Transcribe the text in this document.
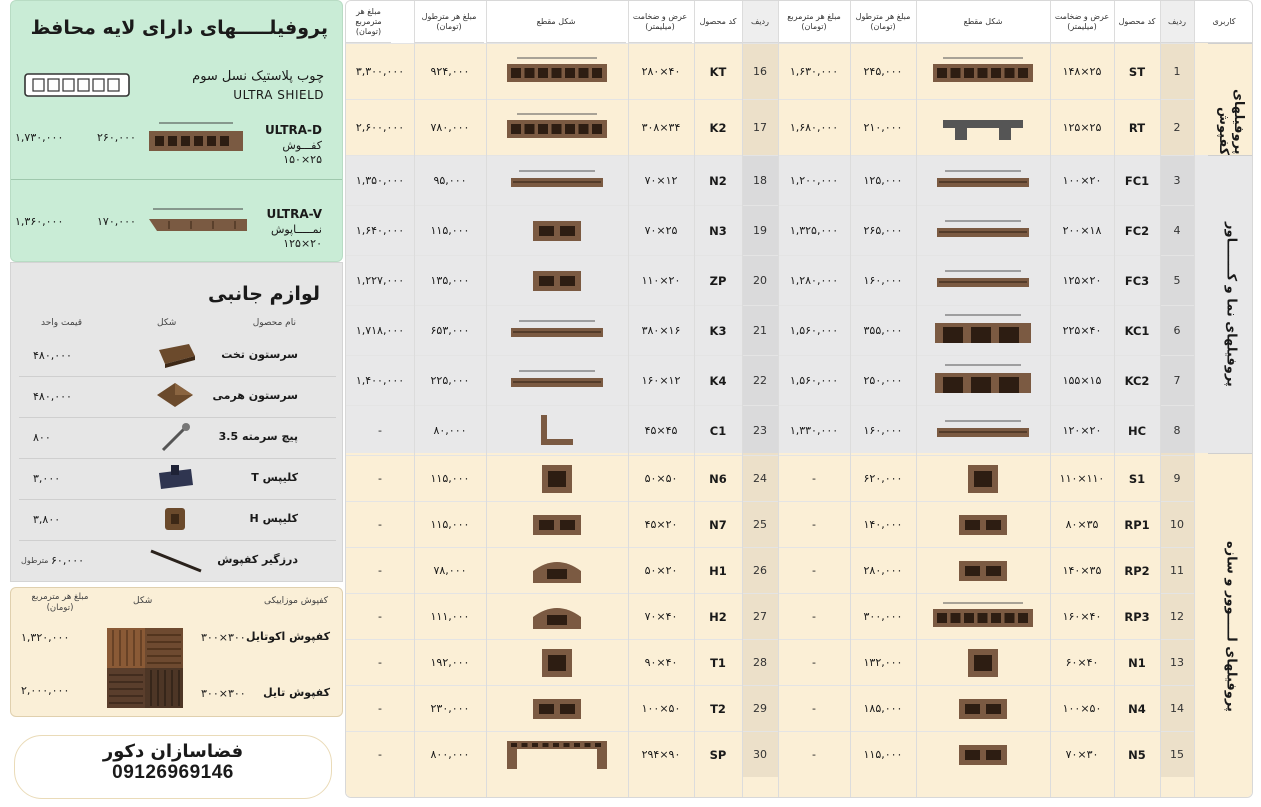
مبلغ هر مترمربع (تومان)
مبلغ هر مترطول (تومان)
شکل مقطع
عرض و ضخامت (میلیمتر)
کد محصول	ردیف
مبلغ هر مترمربع (تومان)
مبلغ هر مترطول (تومان)
شکل مقطع
عرض و ضخامت (میلیمتر)
کد محصول	ردیف	کاربری
۱,۶۳۰,۰۰۰	۲۴۵,۰۰۰	۱۴۸×۲۵	ST	1
۱,۶۸۰,۰۰۰	۲۱۰,۰۰۰	۱۲۵×۲۵	RT	2
۱,۲۰۰,۰۰۰	۱۲۵,۰۰۰	۱۰۰×۲۰	FC1	3
۱,۳۲۵,۰۰۰	۲۶۵,۰۰۰	۲۰۰×۱۸	FC2	4
۱,۲۸۰,۰۰۰	۱۶۰,۰۰۰	۱۲۵×۲۰	FC3	5
۱,۵۶۰,۰۰۰	۳۵۵,۰۰۰	۲۲۵×۴۰	KC1	6
۱,۵۶۰,۰۰۰	۲۵۰,۰۰۰	۱۵۵×۱۵	KC2	7
۱,۳۳۰,۰۰۰	۱۶۰,۰۰۰	۱۲۰×۲۰	HC	8
-	۶۲۰,۰۰۰	۱۱۰×۱۱۰	S1	9
-	۱۴۰,۰۰۰	۸۰×۳۵	RP1	10
-	۲۸۰,۰۰۰	۱۴۰×۳۵	RP2	11
-	۳۰۰,۰۰۰	۱۶۰×۴۰	RP3	12
-	۱۳۲,۰۰۰	۶۰×۴۰	N1	13
-	۱۸۵,۰۰۰	۱۰۰×۵۰	N4	14
-	۱۱۵,۰۰۰	۷۰×۳۰	N5	15
۳,۳۰۰,۰۰۰	۹۲۴,۰۰۰	۲۸۰×۴۰	KT	16
۲,۶۰۰,۰۰۰	۷۸۰,۰۰۰	۳۰۸×۳۴	K2	17
۱,۳۵۰,۰۰۰	۹۵,۰۰۰	۷۰×۱۲	N2	18
۱,۶۴۰,۰۰۰	۱۱۵,۰۰۰	۷۰×۲۵	N3	19
۱,۲۲۷,۰۰۰	۱۳۵,۰۰۰	۱۱۰×۲۰	ZP	20
۱,۷۱۸,۰۰۰	۶۵۳,۰۰۰	۳۸۰×۱۶	K3	21
۱,۴۰۰,۰۰۰	۲۲۵,۰۰۰	۱۶۰×۱۲	K4	22
-	۸۰,۰۰۰	۴۵×۴۵	C1	23
-	۱۱۵,۰۰۰	۵۰×۵۰	N6	24
-	۱۱۵,۰۰۰	۴۵×۲۰	N7	25
-	۷۸,۰۰۰	۵۰×۲۰	H1	26
-	۱۱۱,۰۰۰	۷۰×۴۰	H2	27
-	۱۹۲,۰۰۰	۹۰×۴۰	T1	28
-	۲۳۰,۰۰۰	۱۰۰×۵۰	T2	29
-	۸۰۰,۰۰۰	۲۹۴×۹۰	SP	30
پروفیلهای کفپوش
پروفیلهای نما و کـــــــاور
پروفیلهای لـــــوور و سازه
پروفیلـــــهای دارای لایه محافظ
چوب پلاستیک نسل سوم
ULTRA SHIELD
ULTRA-D
کفـــوش
۱۵۰×۲۵
۲۶۰,۰۰۰
۱,۷۳۰,۰۰۰
ULTRA-V
نمـــــاپوش
۱۲۵×۲۰
۱۷۰,۰۰۰
۱,۳۶۰,۰۰۰
لوازم جانبی
نام محصول
شکل
قیمت واحد
سرستون تخت
۴۸۰,۰۰۰
سرستون هرمی
۴۸۰,۰۰۰
پیچ سرمته 3.5
۸۰۰
کلیپس T
۳,۰۰۰
کلیپس H
۳,۸۰۰
درزگیر کفپوش
۶۰,۰۰۰
مترطول
کفپوش موزاییکی
شکل
مبلغ هر مترمربع (تومان)
کفپوش اکوتایل
۳۰۰×۳۰۰
۱,۳۲۰,۰۰۰
کفپوش تایل
۳۰۰×۳۰۰
۲,۰۰۰,۰۰۰
فضاسازان دکور
09126969146
